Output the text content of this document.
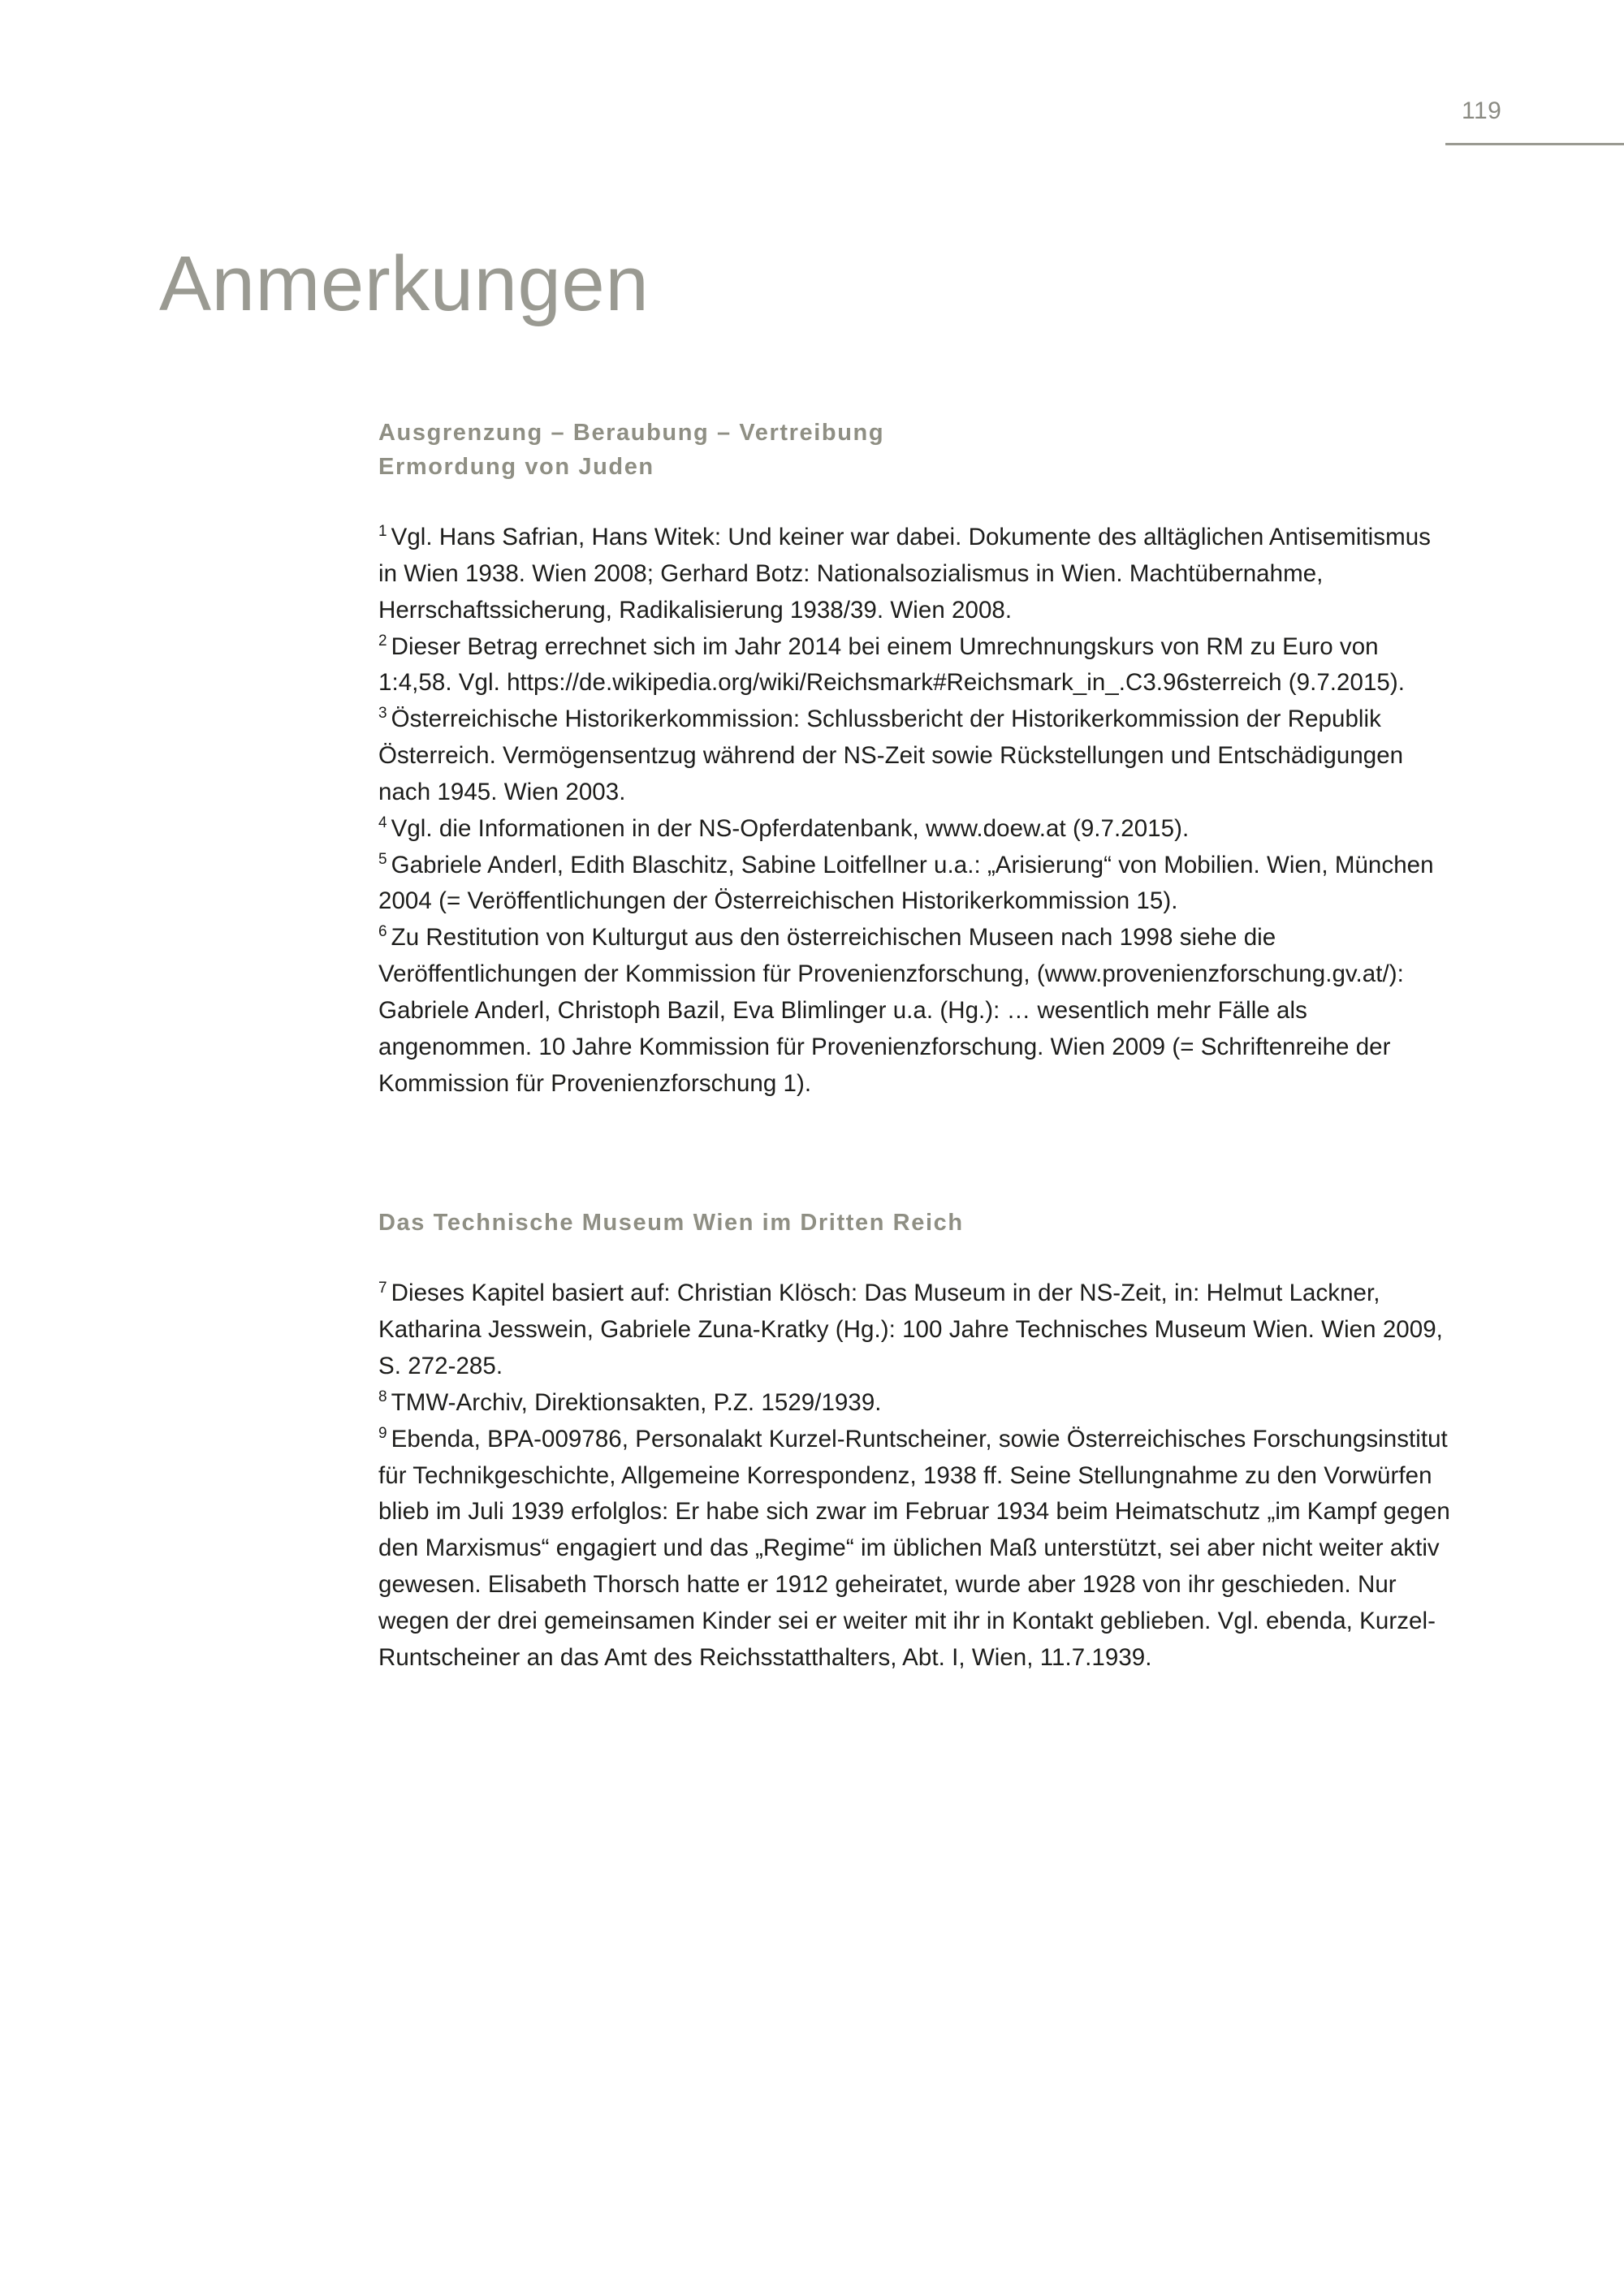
119
Anmerkungen
Ausgrenzung – Beraubung – Vertreibung
Ermordung von Juden

$^1$ Vgl. Hans Safrian, Hans Witek: Und keiner war dabei. Dokumente des alltäglichen Antisemitismus in Wien 1938. Wien 2008; Gerhard Botz: Nationalsozialismus in Wien. Machtübernahme, Herrschaftssicherung, Radikalisierung 1938/39. Wien 2008.

$^2$ Dieser Betrag errechnet sich im Jahr 2014 bei einem Umrechnungskurs von RM zu Euro von 1:4,58. Vgl. https://de.wikipedia.org/wiki/Reichsmark#Reichsmark_in_.C3.96sterreich (9.7.2015).

$^3$ Österreichische Historikerkommission: Schlussbericht der Historikerkommission der Republik Österreich. Vermögensentzug während der NS-Zeit sowie Rückstellungen und Entschädigungen nach 1945. Wien 2003.

$^4$ Vgl. die Informationen in der NS-Opferdatenbank, www.doew.at (9.7.2015).

$^5$ Gabriele Anderl, Edith Blaschitz, Sabine Loitfellner u.a.: „Arisierung“ von Mobilien. Wien, München 2004 (= Veröffentlichungen der Österreichischen Historikerkommission 15).

$^6$ Zu Restitution von Kulturgut aus den österreichischen Museen nach 1998 siehe die Veröffentlichungen der Kommission für Provenienzforschung, (www.provenienzforschung.gv.at/): Gabriele Anderl, Christoph Bazil, Eva Blimlinger u.a. (Hg.): … wesentlich mehr Fälle als angenommen. 10 Jahre Kommission für Provenienzforschung. Wien 2009 (= Schriftenreihe der Kommission für Provenienzforschung 1).

Das Technische Museum Wien im Dritten Reich

$^7$ Dieses Kapitel basiert auf: Christian Klösch: Das Museum in der NS-Zeit, in: Helmut Lackner, Katharina Jesswein, Gabriele Zuna-Kratky (Hg.): 100 Jahre Technisches Museum Wien. Wien 2009, S. 272-285.

$^8$ TMW-Archiv, Direktionsakten, P.Z. 1529/1939.

$^9$ Ebenda, BPA-009786, Personalakt Kurzel-Runtscheiner, sowie Österreichisches Forschungsinstitut für Technikgeschichte, Allgemeine Korrespondenz, 1938 ff. Seine Stellungnahme zu den Vorwürfen blieb im Juli 1939 erfolglos: Er habe sich zwar im Februar 1934 beim Heimatschutz „im Kampf gegen den Marxismus“ engagiert und das „Regime“ im üblichen Maß unterstützt, sei aber nicht weiter aktiv gewesen. Elisabeth Thorsch hatte er 1912 geheiratet, wurde aber 1928 von ihr geschieden. Nur wegen der drei gemeinsamen Kinder sei er weiter mit ihr in Kontakt geblieben. Vgl. ebenda, Kurzel-Runtscheiner an das Amt des Reichsstatthalters, Abt. I, Wien, 11.7.1939.
